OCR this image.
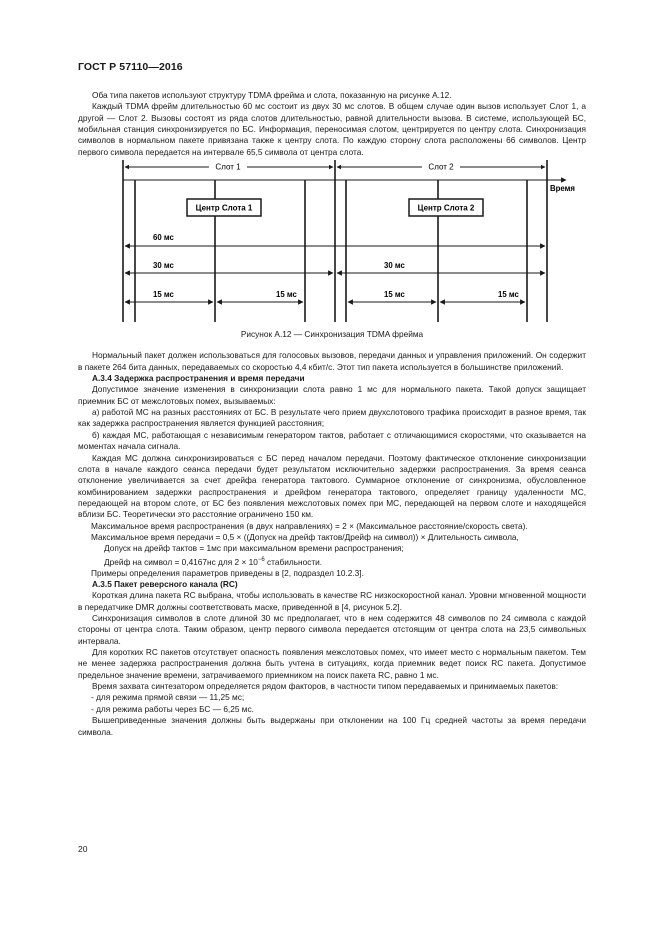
ГОСТ Р 57110—2016

Оба типа пакетов используют структуру TDMA фрейма и слота, показанную на рисунке А.12.

Каждый TDMA фрейм длительностью 60 мс состоит из двух 30 мс слотов. В общем случае один вызов использует Слот 1, а другой — Слот 2. Вызовы состоят из ряда слотов длительностью, равной длительности вызова. В системе, использующей БС, мобильная станция синхронизируется по БС. Информация, переносимая слотом, центрируется по центру слота. Синхронизация символов в нормальном пакете привязана также к центру слота. По каждую сторону слота расположены 66 символов. Центр первого символа передается на интервале 65,5 символа от центра слота.

Слот 1	Слот 2
Время
Центр Слота 1	Центр Слота 2
60 мс
30 мс	30 мс
15 мс	15 мс	15 мс	15 мс
Рисунок А.12 — Синхронизация TDMA фрейма

Нормальный пакет должен использоваться для голосовых вызовов, передачи данных и управления приложений. Он содержит в пакете 264 бита данных, передаваемых со скоростью 4,4 кбит/с. Этот тип пакета используется в большинстве приложений.

А.3.4 Задержка распространения и время передачи

Допустимое значение изменения в синхронизации слота равно 1 мс для нормального пакета. Такой допуск защищает приемник БС от межслотовых помех, вызываемых:

а) работой МС на разных расстояниях от БС. В результате чего прием двухслотового трафика происходит в разное время, так как задержка распространения является функцией расстояния;

б) каждая МС, работающая с независимым генератором тактов, работает с отличающимися скоростями, что сказывается на моментах начала сигнала.

Каждая МС должна синхронизироваться с БС перед началом передачи. Поэтому фактическое отклонение синхронизации слота в начале каждого сеанса передачи будет результатом исключительно задержки распространения. За время сеанса отклонение увеличивается за счет дрейфа генератора тактового. Суммарное отклонение от синхронизма, обусловленное комбинированием задержки распространения и дрейфом генератора тактового, определяет границу удаленности МС, передающей на втором слоте, от БС без появления межслотовых помех при МС, передающей на первом слоте и находящейся вблизи БС. Теоретически это расстояние ограничено 150 км.

Максимальное время распространения (в двух направлениях) = 2 × (Максимальное расстояние/скорость света).

Максимальное время передачи = 0,5 × ((Допуск на дрейф тактов/Дрейф на символ)) × Длительность символа,

Допуск на дрейф тактов = 1мс при максимальном времени распространения;

Дрейф на символ = 0,4167нс для $2 \times 10^{-6}$ стабильности.

Примеры определения параметров приведены в [2, подраздел 10.2.3].

А.3.5 Пакет реверсного канала (RC)

Короткая длина пакета RC выбрана, чтобы использовать в качестве RC низкоскоростной канал. Уровни мгновенной мощности в передатчике DMR должны соответствовать маске, приведенной в [4, рисунок 5.2].

Синхронизация символов в слоте длиной 30 мс предполагает, что в нем содержится 48 символов по 24 символа с каждой стороны от центра слота. Таким образом, центр первого символа передается отстоящим от центра слота на 23,5 символьных интервала.

Для коротких RC пакетов отсутствует опасность появления межслотовых помех, что имеет место с нормальным пакетом. Тем не менее задержка распространения должна быть учтена в ситуациях, когда приемник ведет поиск RC пакета. Допустимое предельное значение времени, затрачиваемого приемником на поиск пакета RC, равно 1 мс.

Время захвата синтезатором определяется рядом факторов, в частности типом передаваемых и принимаемых пакетов:

- для режима прямой связи — 11,25 мс;

- для режима работы через БС — 6,25 мс.

Вышеприведенные значения должны быть выдержаны при отклонении на 100 Гц средней частоты за время передачи символа.

20
